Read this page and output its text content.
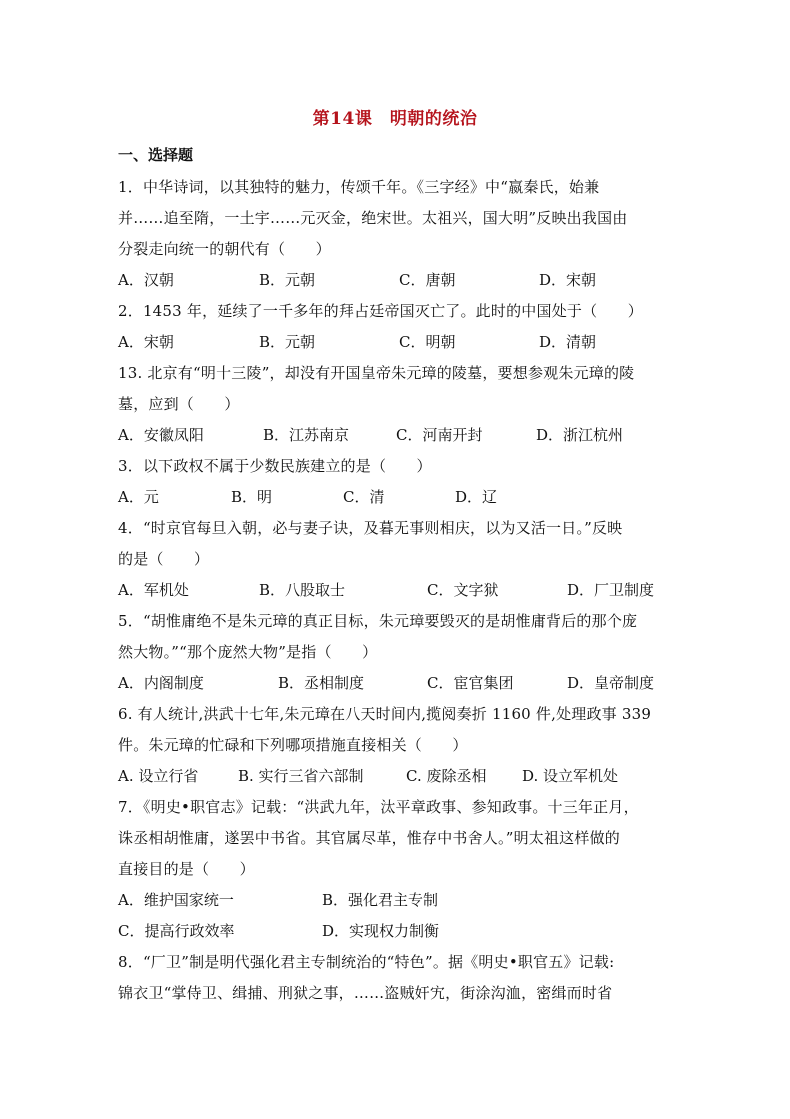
第14课　明朝的统治
一、选择题

1．中华诗词，以其独特的魅力，传颂千年。《三字经》中“嬴秦氏，始兼

并……追至隋，一土宇……元灭金，绝宋世。太祖兴，国大明”反映出我国由

分裂走向统一的朝代有（　　）

A．汉朝	B．元朝	C．唐朝	D．宋朝

2．1453 年，延续了一千多年的拜占廷帝国灭亡了。此时的中国处于（　　）

A．宋朝	B．元朝	C．明朝	D．清朝

13. 北京有“明十三陵”，却没有开国皇帝朱元璋的陵墓，要想参观朱元璋的陵

墓，应到（　　）

A．安徽凤阳	B．江苏南京	C．河南开封	D．浙江杭州

3．以下政权不属于少数民族建立的是（　　）

A．元	B．明	C．清	D．辽

4．“时京官每旦入朝，必与妻子诀，及暮无事则相庆，以为又活一日。”反映

的是（　　）

A．军机处	B．八股取士	C．文字狱	D．厂卫制度

5．“胡惟庸绝不是朱元璋的真正目标，朱元璋要毁灭的是胡惟庸背后的那个庞

然大物。”“那个庞然大物”是指（　　）

A．内阁制度	B．丞相制度	C．宦官集团	D．皇帝制度

6. 有人统计,洪武十七年,朱元璋在八天时间内,揽阅奏折 1160 件,处理政事 339

件。朱元璋的忙碌和下列哪项措施直接相关（　　）

A. 设立行省	B. 实行三省六部制	C. 废除丞相 D. 设立军机处

7．《明史•职官志》记载：“洪武九年，汰平章政事、参知政事。十三年正月，

诛丞相胡惟庸，遂罢中书省。其官属尽革，惟存中书舍人。”明太祖这样做的

直接目的是（　　）

A．维护国家统一	B．强化君主专制
C．提高行政效率	D．实现权力制衡

8．“厂卫”制是明代强化君主专制统治的“特色”。据《明史•职官五》记载:

锦衣卫“掌侍卫、缉捕、刑狱之事，……盗贼奸宄，街涂沟洫，密缉而时省
